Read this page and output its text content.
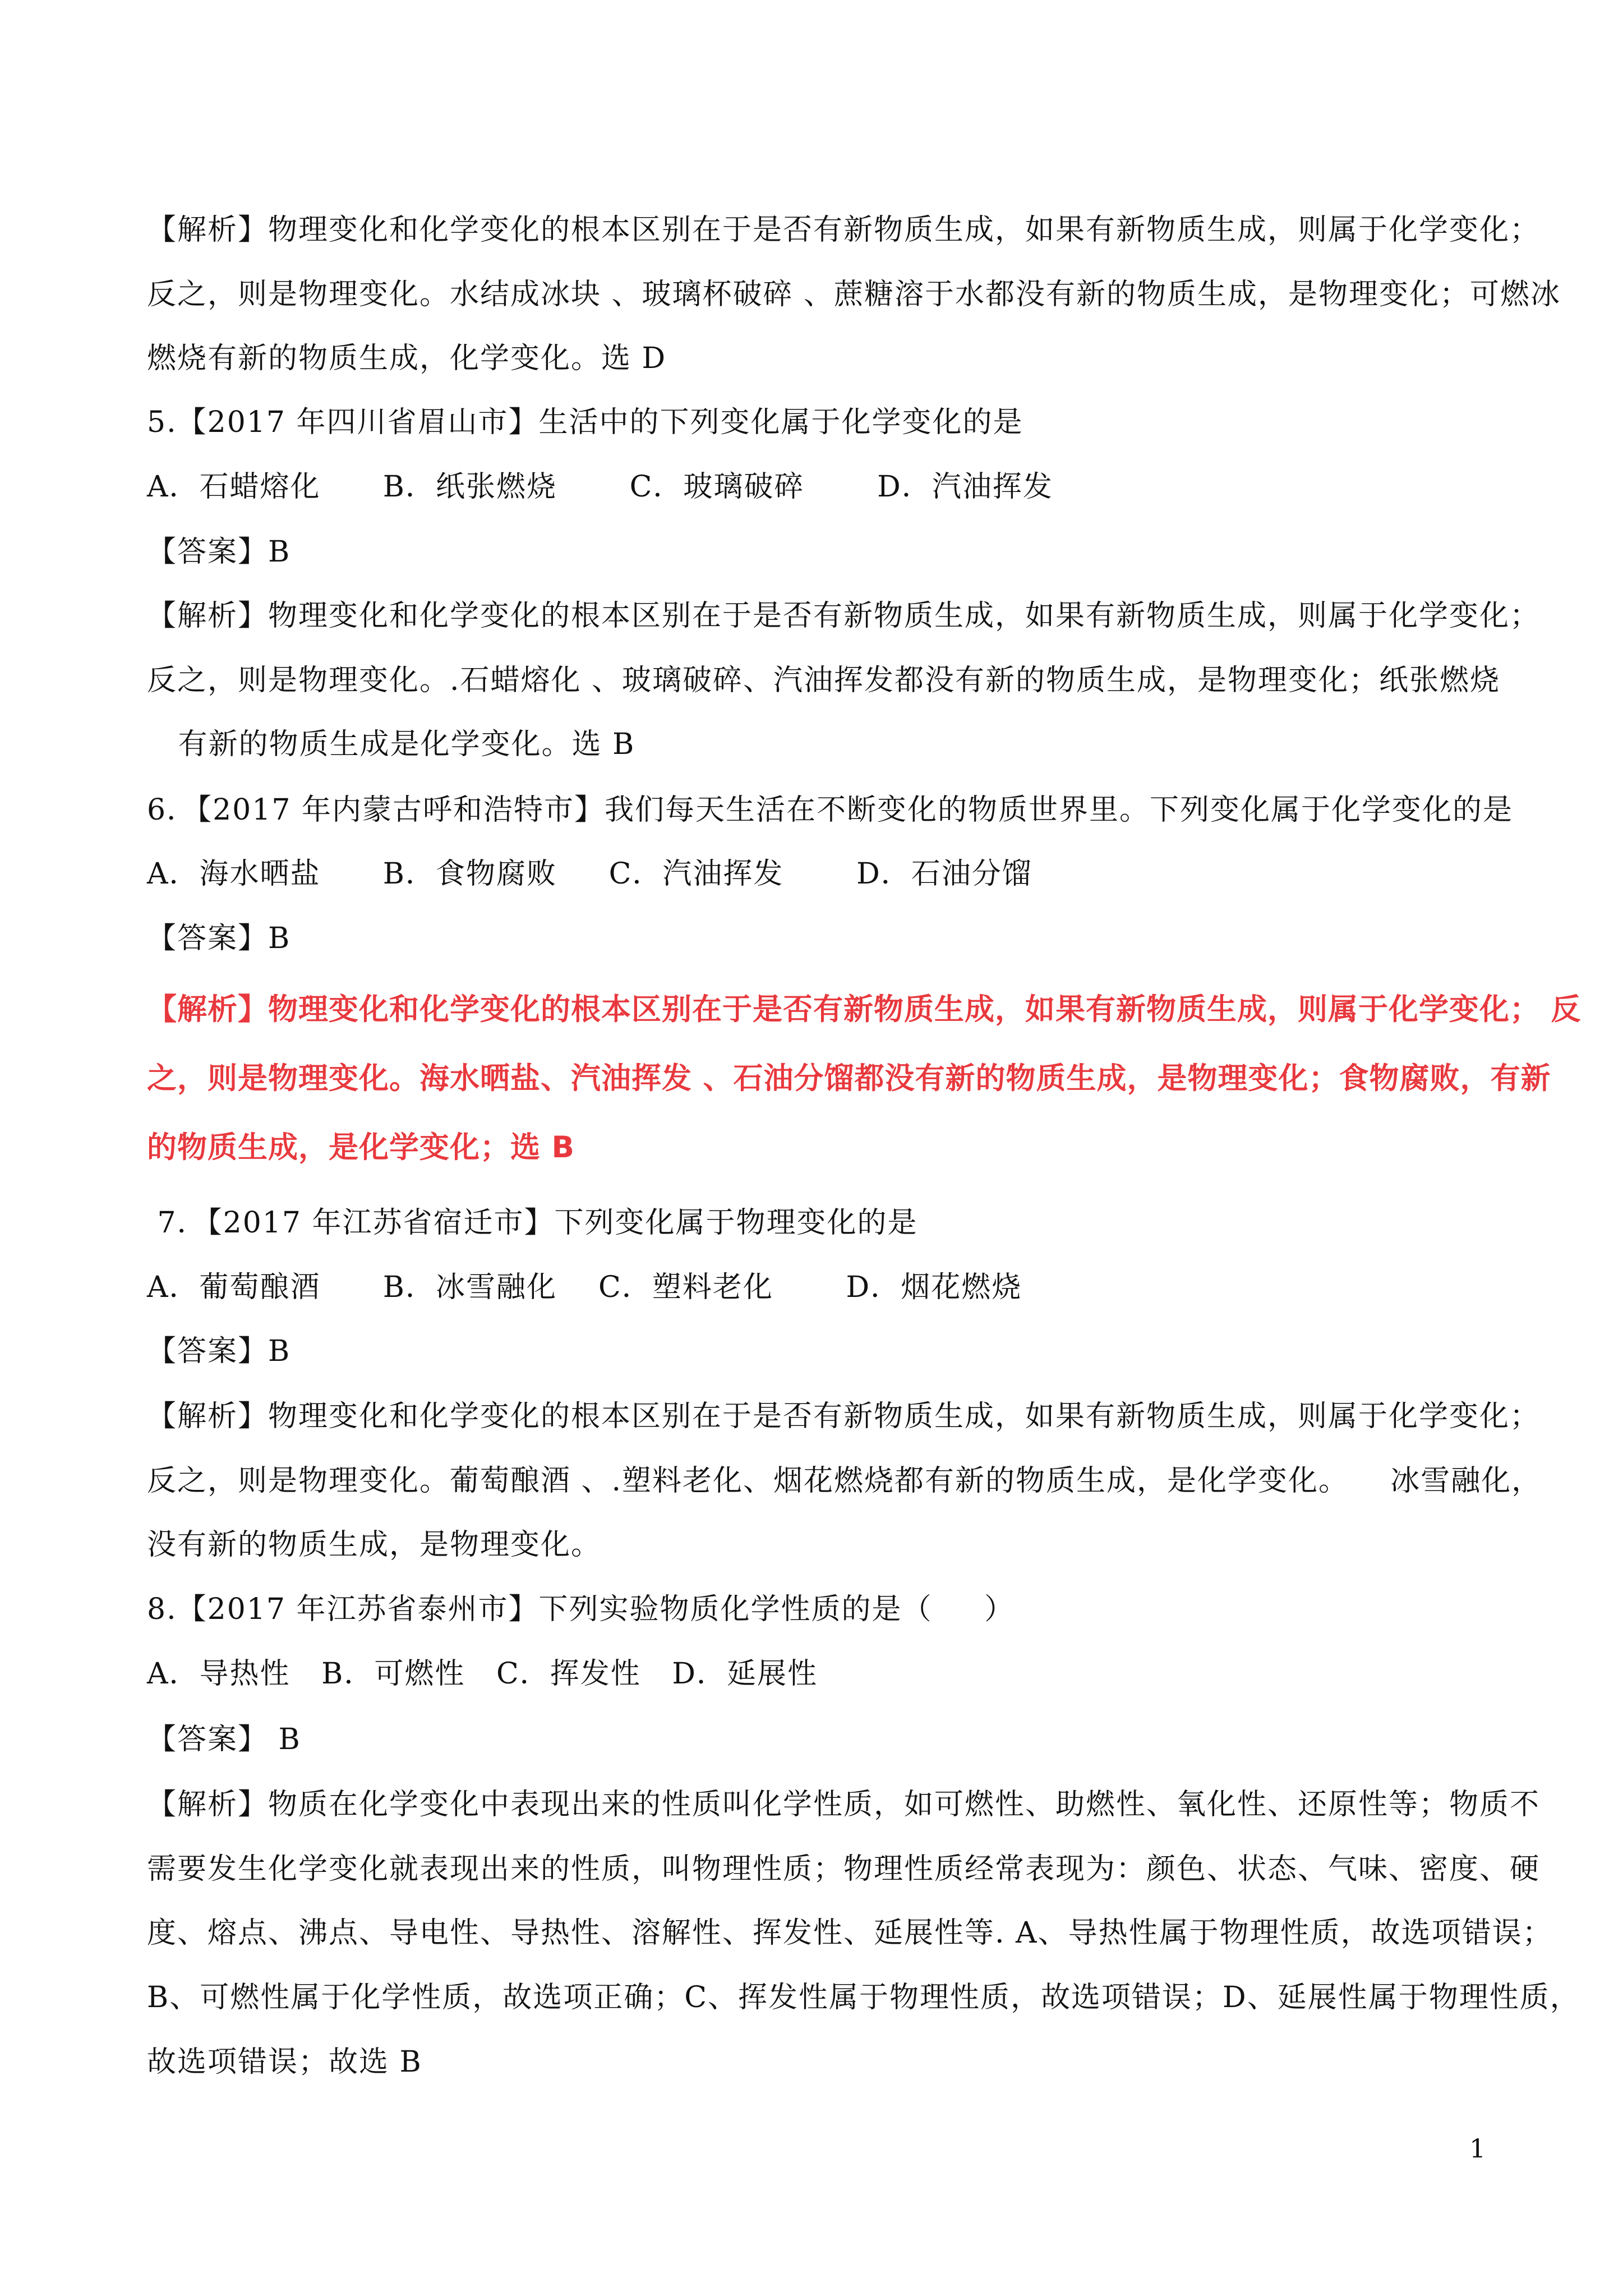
【解析】物理变化和化学变化的根本区别在于是否有新物质生成，如果有新物质生成，则属于化学变化；
反之，则是物理变化。水结成冰块 、玻璃杯破碎 、蔗糖溶于水都没有新的物质生成，是物理变化；可燃冰
燃烧有新的物质生成，化学变化。选 D
5.【2017 年四川省眉山市】生活中的下列变化属于化学变化的是
A．石蜡熔化      B．纸张燃烧       C．玻璃破碎       D．汽油挥发
【答案】B
【解析】物理变化和化学变化的根本区别在于是否有新物质生成，如果有新物质生成，则属于化学变化；
反之，则是物理变化。.石蜡熔化 、玻璃破碎、汽油挥发都没有新的物质生成，是物理变化；纸张燃烧
有新的物质生成是化学变化。选 B
6．【2017 年内蒙古呼和浩特市】我们每天生活在不断变化的物质世界里。下列变化属于化学变化的是
A．海水晒盐      B．食物腐败     C．汽油挥发       D．石油分馏
【答案】B
【解析】物理变化和化学变化的根本区别在于是否有新物质生成，如果有新物质生成，则属于化学变化； 反
之，则是物理变化。海水晒盐、汽油挥发 、石油分馏都没有新的物质生成，是物理变化；食物腐败，有新
的物质生成，是化学变化；选 B
7．【2017 年江苏省宿迁市】下列变化属于物理变化的是
A．葡萄酿酒      B．冰雪融化    C．塑料老化       D．烟花燃烧
【答案】B
【解析】物理变化和化学变化的根本区别在于是否有新物质生成，如果有新物质生成，则属于化学变化；
反之，则是物理变化。葡萄酿酒 、.塑料老化、烟花燃烧都有新的物质生成，是化学变化。    冰雪融化，
没有新的物质生成，是物理变化。
8.【2017 年江苏省泰州市】下列实验物质化学性质的是（     ）
A．导热性   B．可燃性   C．挥发性   D．延展性
【答案】 B
【解析】物质在化学变化中表现出来的性质叫化学性质，如可燃性、助燃性、氧化性、还原性等；物质不
需要发生化学变化就表现出来的性质，叫物理性质；物理性质经常表现为：颜色、状态、气味、密度、硬
度、熔点、沸点、导电性、导热性、溶解性、挥发性、延展性等. A、导热性属于物理性质，故选项错误；
B、可燃性属于化学性质，故选项正确；C、挥发性属于物理性质，故选项错误；D、延展性属于物理性质，
故选项错误；故选 B
1
